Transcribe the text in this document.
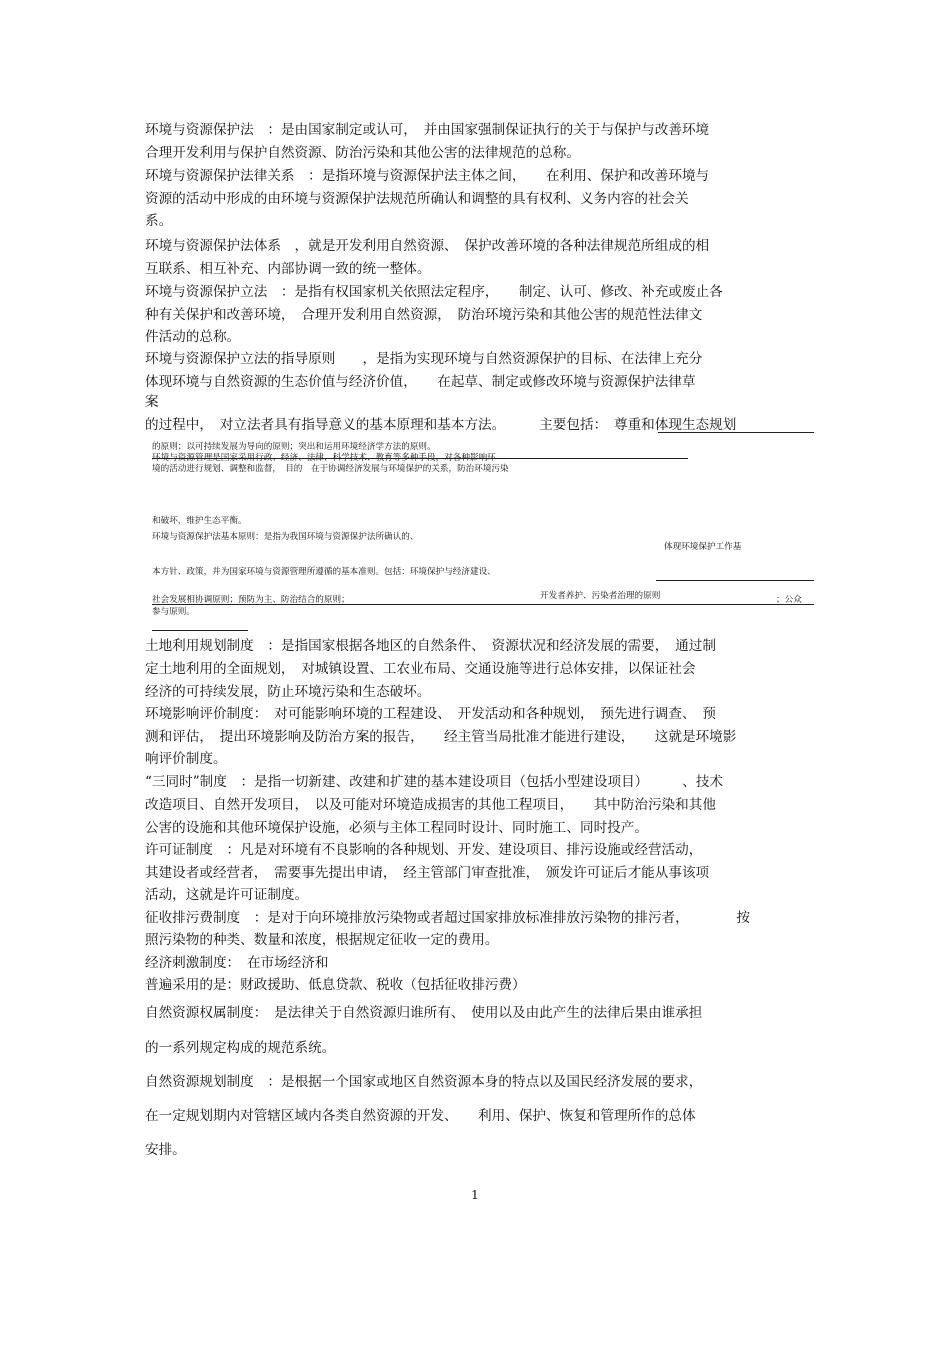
环境与资源保护法　：是由国家制定或认可，　并由国家强制保证执行的关于与保护与改善环境
合理开发利用与保护自然资源、防治污染和其他公害的法律规范的总称。
环境与资源保护法律关系　：是指环境与资源保护法主体之间，　　在利用、保护和改善环境与
资源的活动中形成的由环境与资源保护法规范所确认和调整的具有权利、义务内容的社会关
系。
环境与资源保护法体系　，就是开发利用自然资源、　保护改善环境的各种法律规范所组成的相
互联系、相互补充、内部协调一致的统一整体。
环境与资源保护立法　：是指有权国家机关依照法定程序，　　制定、认可、修改、补充或废止各
种有关保护和改善环境，　合理开发利用自然资源，　防治环境污染和其他公害的规范性法律文
件活动的总称。
环境与资源保护立法的指导原则　　，是指为实现环境与自然资源保护的目标、在法律上充分
体现环境与自然资源的生态价值与经济价值，　　在起草、制定或修改环境与资源保护法律草
案
的过程中，　对立法者具有指导意义的基本原理和基本方法。　　　主要包括：　尊重和体现生态规划
的原则；以可持续发展为导向的原则；突出和运用环境经济学方法的原则。
环境与资源管理是国家采用行政、经济、法律、科学技术、教育等多种手段，对各种影响环
境的活动进行规划、调整和监督，　目的　在于协调经济发展与环境保护的关系，防治环境污染
和破坏，维护生态平衡。
环境与资源保护法基本原则：是指为我国环境与资源保护法所确认的、
体现环境保护工作基
本方针、政策，并为国家环境与资源管理所遵循的基本准则。包括：环境保护与经济建设、
社会发展相协调原则；预防为主、防治结合的原则；	开发者养护、污染者治理的原则	；公众
参与原则。
土地利用规划制度　：是指国家根据各地区的自然条件、　资源状况和经济发展的需要，　通过制
定土地利用的全面规划，　对城镇设置、工农业布局、交通设施等进行总体安排，以保证社会
经济的可持续发展，防止环境污染和生态破坏。
环境影响评价制度：　对可能影响环境的工程建设、　开发活动和各种规划，　预先进行调查、　预
测和评估，　提出环境影响及防治方案的报告，　　经主管当局批准才能进行建设，　　这就是环境影
响评价制度。
“三同时”制度　：是指一切新建、改建和扩建的基本建设项目（包括小型建设项目）　　　、技术
改造项目、自然开发项目，　以及可能对环境造成损害的其他工程项目，　　其中防治污染和其他
公害的设施和其他环境保护设施，必须与主体工程同时设计、同时施工、同时投产。
许可证制度　：凡是对环境有不良影响的各种规划、开发、建设项目、排污设施或经营活动，
其建设者或经营者，　需要事先提出申请，　经主管部门审查批准，　颁发许可证后才能从事该项
活动，这就是许可证制度。
征收排污费制度　：是对于向环境排放污染物或者超过国家排放标准排放污染物的排污者，　　　　按
照污染物的种类、数量和浓度，根据规定征收一定的费用。
经济刺激制度：　在市场经济和
普遍采用的是：财政援助、低息贷款、税收（包括征收排污费）
自然资源权属制度：　是法律关于自然资源归谁所有、　使用以及由此产生的法律后果由谁承担
的一系列规定构成的规范系统。
自然资源规划制度　：是根据一个国家或地区自然资源本身的特点以及国民经济发展的要求，
在一定规划期内对管辖区域内各类自然资源的开发、　　利用、保护、恢复和管理所作的总体
安排。
1
